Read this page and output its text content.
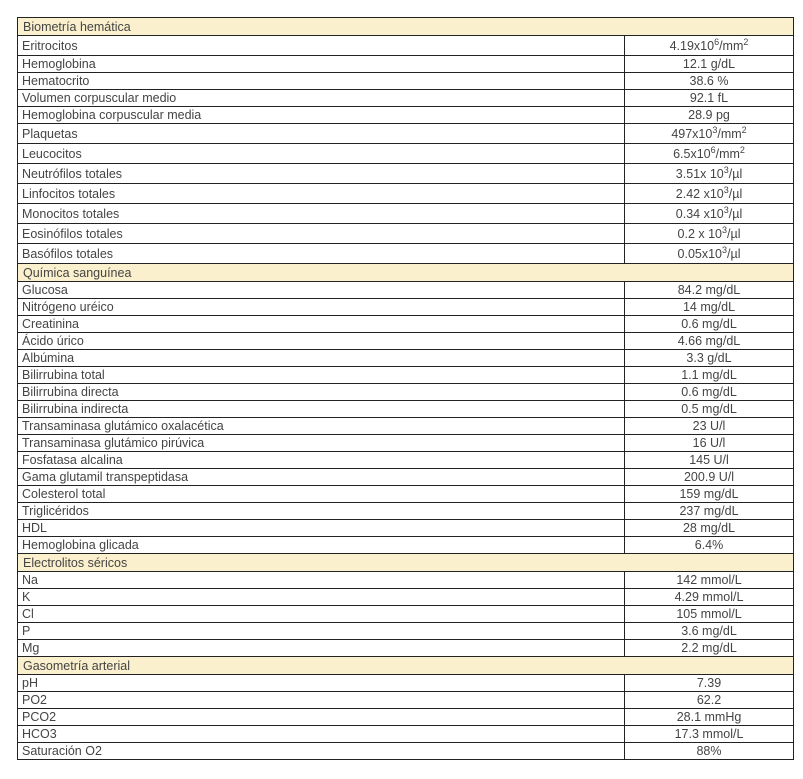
Biometría hemática	
Eritrocitos	$4.19x10^6/mm^2$
Hemoglobina	12.1 g/dL
Hematocrito	38.6 %
Volumen corpuscular medio	92.1 fL
Hemoglobina corpuscular media	28.9 pg
Plaquetas	$497x10^3/mm^2$
Leucocitos	$6.5x10^6/mm^2$
Neutrófilos totales	3.51x $10^3/\mu l$
Linfocitos totales	2.42 $x10^3/\mu l$
Monocitos totales	0.34 $x10^3/\mu l$
Eosinófilos totales	0.2 x $10^3/\mu l$
Basófilos totales	$0.05x10^3/\mu l$
Química sanguínea	
Glucosa	84.2 mg/dL
Nitrógeno uréico	14 mg/dL
Creatinina	0.6 mg/dL
Ácido úrico	4.66 mg/dL
Albúmina	3.3 g/dL
Bilirrubina total	1.1 mg/dL
Bilirrubina directa	0.6 mg/dL
Bilirrubina indirecta	0.5 mg/dL
Transaminasa glutámico oxalacética	23 U/l
Transaminasa glutámico pirúvica	16 U/l
Fosfatasa alcalina	145 U/l
Gama glutamil transpeptidasa	200.9 U/l
Colesterol total	159 mg/dL
Triglicéridos	237 mg/dL
HDL	28 mg/dL
Hemoglobina glicada	6.4%
Electrolitos séricos	
Na	142 mmol/L
K	4.29 mmol/L
Cl	105 mmol/L
P	3.6 mg/dL
Mg	2.2 mg/dL
Gasometría arterial	
pH	7.39
PO2	62.2
PCO2	28.1 mmHg
HCO3	17.3 mmol/L
Saturación O2	88%
